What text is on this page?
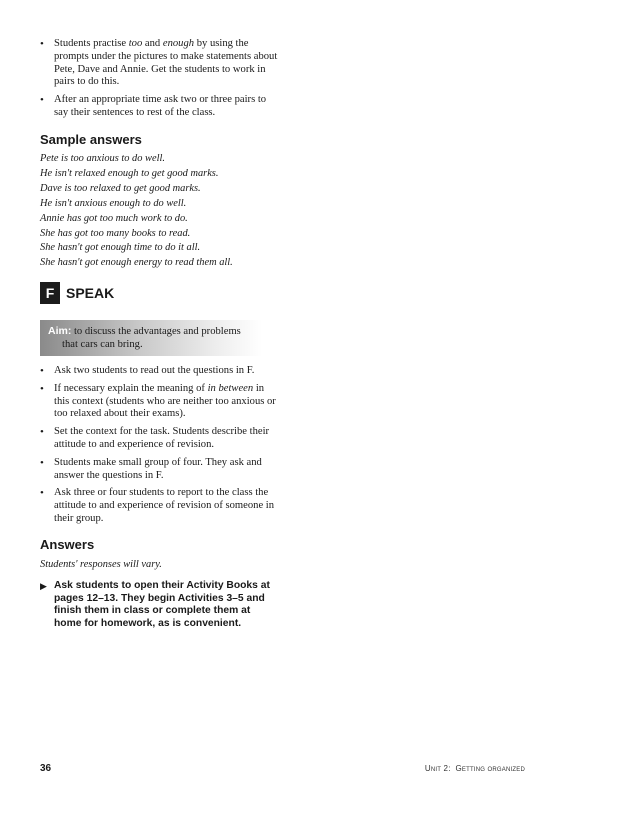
• Students practise too and enough by using the prompts under the pictures to make statements about Pete, Dave and Annie. Get the students to work in pairs to do this.
• After an appropriate time ask two or three pairs to say their sentences to rest of the class.
Sample answers

Pete is too anxious to do well.

He isn't relaxed enough to get good marks.

Dave is too relaxed to get good marks.

He isn't anxious enough to do well.

Annie has got too much work to do.

She has got too many books to read.

She hasn't got enough time to do it all.

She hasn't got enough energy to read them all.

F SPEAK
Aim: to discuss the advantages and problems
that cars can bring.
• Ask two students to read out the questions in F.
• If necessary explain the meaning of in between in this context (students who are neither too anxious or too relaxed about their exams).
• Set the context for the task. Students describe their attitude to and experience of revision.
• Students make small group of four. They ask and answer the questions in F.
• Ask three or four students to report to the class the attitude to and experience of revision of someone in their group.
Answers

Students' responses will vary.

▶ Ask students to open their Activity Books at pages 12–13. They begin Activities 3–5 and finish them in class or complete them at home for homework, as is convenient.
36	Unit 2: Getting organized
